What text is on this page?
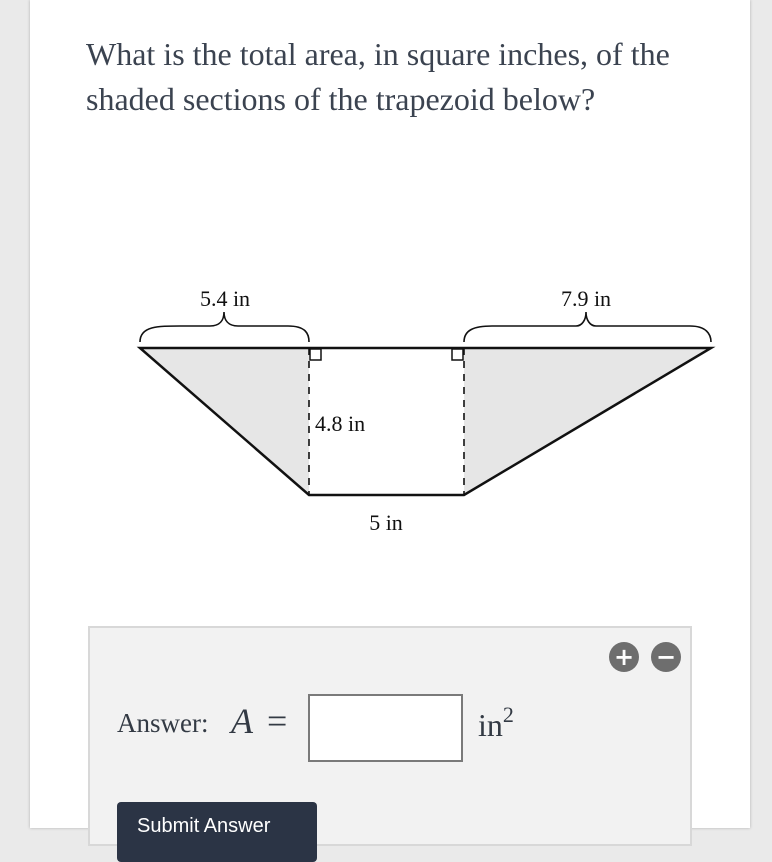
What is the total area, in square inches, of the shaded sections of the trapezoid below?

5.4 in	7.9 in
4.8 in
5 in
+ −
Answer: A =	$in^2$
Submit Answer
